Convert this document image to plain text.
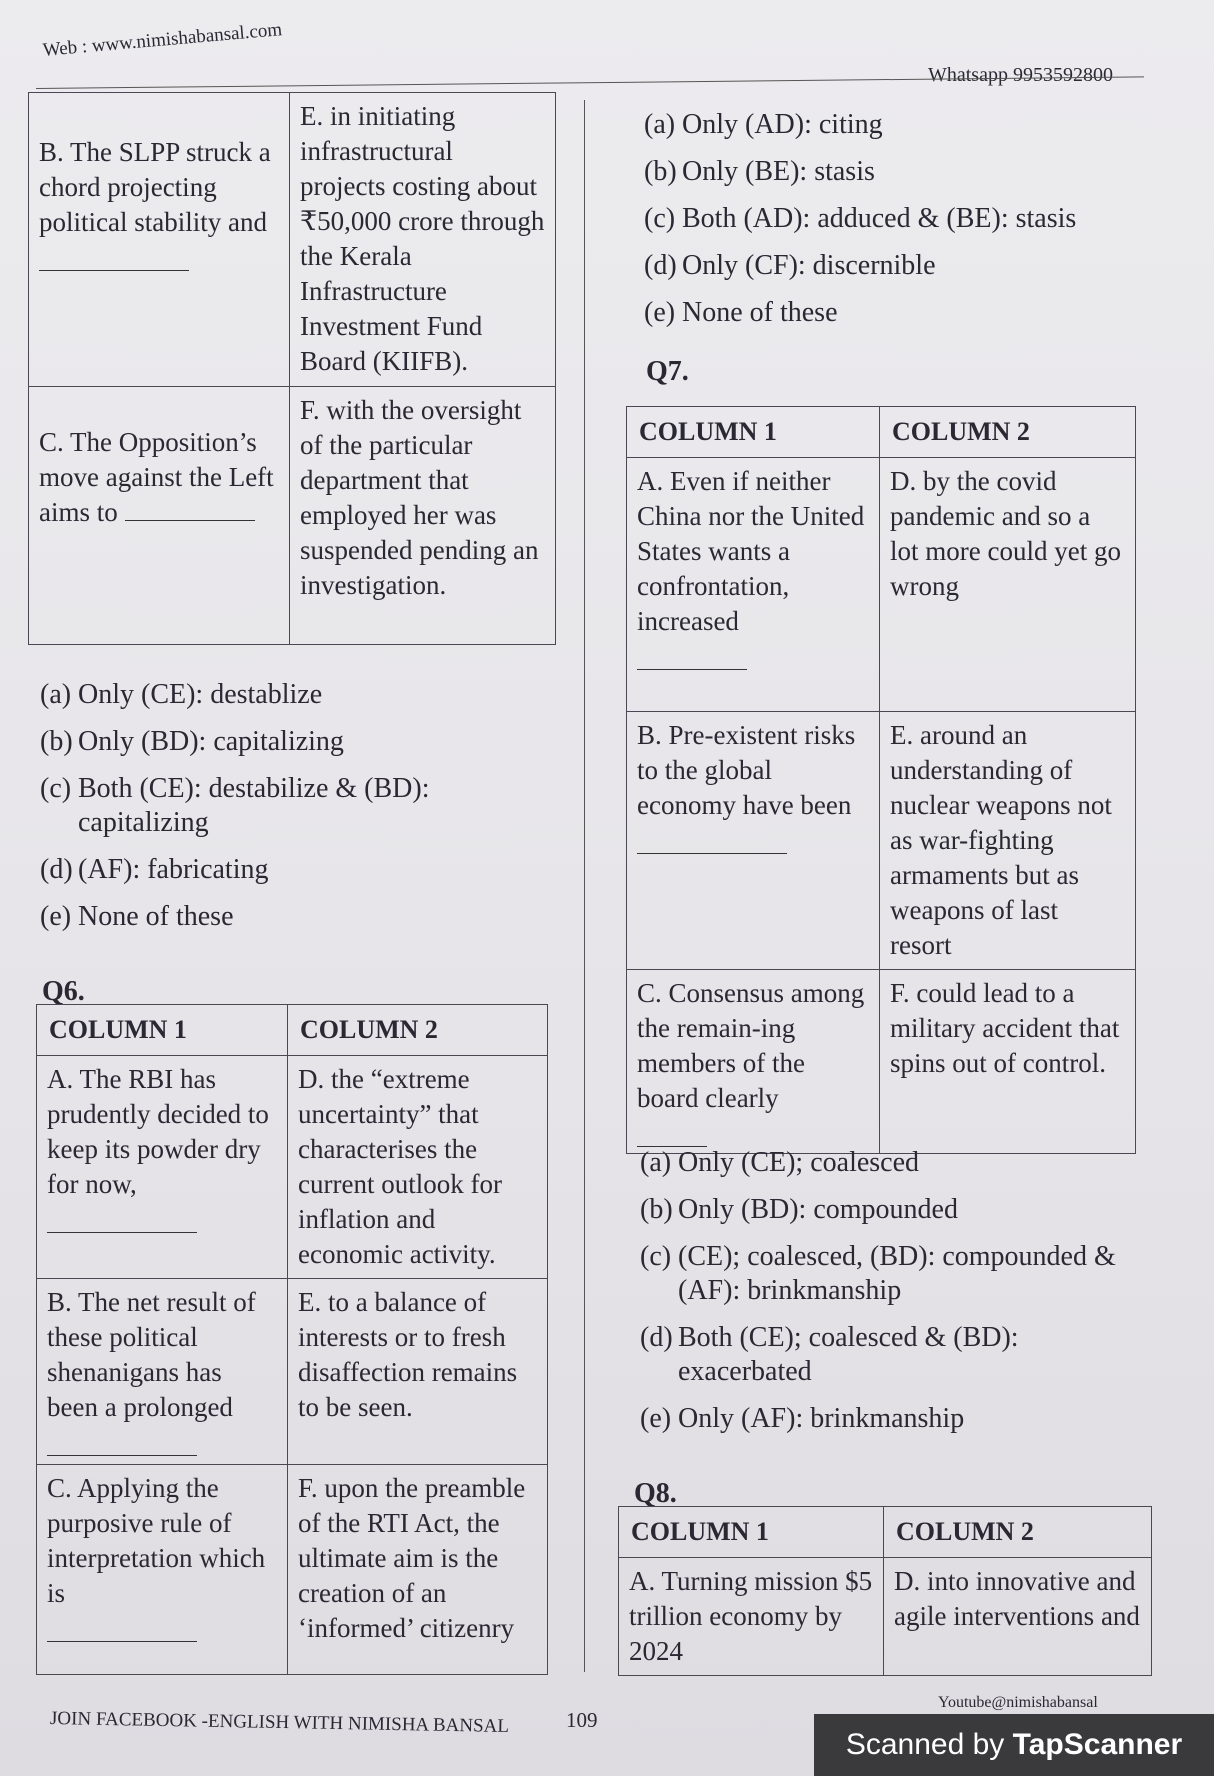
Web : www.nimishabansal.com
Whatsapp 9953592800
B. The SLPP struck a chord projecting political stability and	E. in initiating infrastructural projects costing about ₹50,000 crore through the Kerala Infrastructure Investment Fund Board (KIIFB).

C. The Opposition’s move against the Left aims to	F. with the oversight of the particular department that employed her was suspended pending an investigation.
(a) Only (CE): destablize
(b) Only (BD): capitalizing
(c) Both (CE): destabilize & (BD): capitalizing
(d) (AF): fabricating
(e) None of these
Q6.
COLUMN 1	COLUMN 2

A. The RBI has prudently decided to keep its powder dry for now,	D. the “extreme uncertainty” that characterises the current outlook for inflation and economic activity.

B. The net result of these political shenanigans has been a prolonged	E. to a balance of interests or to fresh disaffection remains to be seen.

C. Applying the purposive rule of interpretation which is	F. upon the preamble of the RTI Act, the ultimate aim is the creation of an ‘informed’ citizenry
(a) Only (AD): citing
(b) Only (BE): stasis
(c) Both (AD): adduced & (BE): stasis
(d) Only (CF): discernible
(e) None of these
Q7.
COLUMN 1	COLUMN 2

A. Even if neither China nor the United States wants a confrontation, increased	D. by the covid pandemic and so a lot more could yet go wrong

B. Pre-existent risks to the global economy have been	E. around an understanding of nuclear weapons not as war-fighting armaments but as weapons of last resort

C. Consensus among the remain-ing members of the board clearly	F. could lead to a military accident that spins out of control.
(a) Only (CE); coalesced
(b) Only (BD): compounded
(c) (CE); coalesced, (BD): compounded & (AF): brinkmanship
(d) Both (CE); coalesced & (BD): exacerbated
(e) Only (AF): brinkmanship
Q8.
COLUMN 1	COLUMN 2
A. Turning mission $5 trillion economy by 2024	D. into innovative and agile interventions and
JOIN FACEBOOK -ENGLISH WITH NIMISHA BANSAL	109
Youtube@nimishabansal
Scanned by TapScanner
